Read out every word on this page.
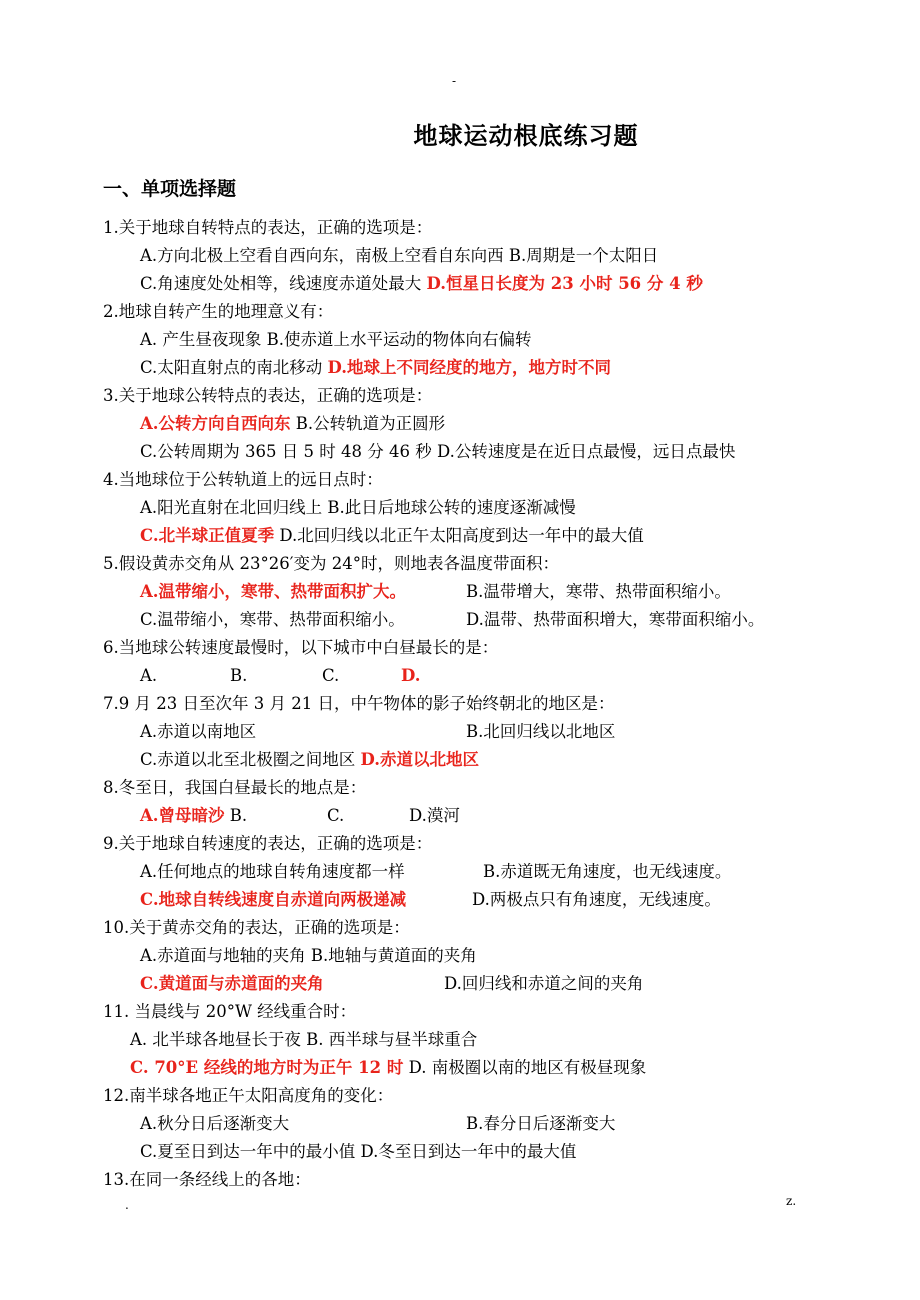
-
地球运动根底练习题
一、单项选择题
1.关于地球自转特点的表达，正确的选项是：
A.方向北极上空看自西向东，南极上空看自东向西 B.周期是一个太阳日
C.角速度处处相等，线速度赤道处最大 D.恒星日长度为 23 小时 56 分 4 秒
2.地球自转产生的地理意义有：
A. 产生昼夜现象 B.使赤道上水平运动的物体向右偏转
C.太阳直射点的南北移动 D.地球上不同经度的地方，地方时不同
3.关于地球公转特点的表达，正确的选项是：
A.公转方向自西向东 B.公转轨道为正圆形
C.公转周期为 365 日 5 时 48 分 46 秒 D.公转速度是在近日点最慢，远日点最快
4.当地球位于公转轨道上的远日点时：
A.阳光直射在北回归线上 B.此日后地球公转的速度逐渐减慢
C.北半球正值夏季 D.北回归线以北正午太阳高度到达一年中的最大值
5.假设黄赤交角从 23°26′变为 24°时，则地表各温度带面积：
A.温带缩小，寒带、热带面积扩大。	B.温带增大，寒带、热带面积缩小。
C.温带缩小，寒带、热带面积缩小。	D.温带、热带面积增大，寒带面积缩小。
6.当地球公转速度最慢时，以下城市中白昼最长的是：
A.	B.	C.	D.
7.9 月 23 日至次年 3 月 21 日，中午物体的影子始终朝北的地区是：
A.赤道以南地区	B.北回归线以北地区
C.赤道以北至北极圈之间地区 D.赤道以北地区
8.冬至日，我国白昼最长的地点是：
A.曾母暗沙 B.	C.	D.漠河
9.关于地球自转速度的表达，正确的选项是：
A.任何地点的地球自转角速度都一样	B.赤道既无角速度，也无线速度。
C.地球自转线速度自赤道向两极递减	D.两极点只有角速度，无线速度。
10.关于黄赤交角的表达，正确的选项是：
A.赤道面与地轴的夹角 B.地轴与黄道面的夹角
C.黄道面与赤道面的夹角	D.回归线和赤道之间的夹角
11. 当晨线与 20°W 经线重合时：
A. 北半球各地昼长于夜 B. 西半球与昼半球重合
C. 70°E 经线的地方时为正午 12 时 D. 南极圈以南的地区有极昼现象
12.南半球各地正午太阳高度角的变化：
A.秋分日后逐渐变大	B.春分日后逐渐变大
C.夏至日到达一年中的最小值 D.冬至日到达一年中的最大值
13.在同一条经线上的各地：
.	z.
